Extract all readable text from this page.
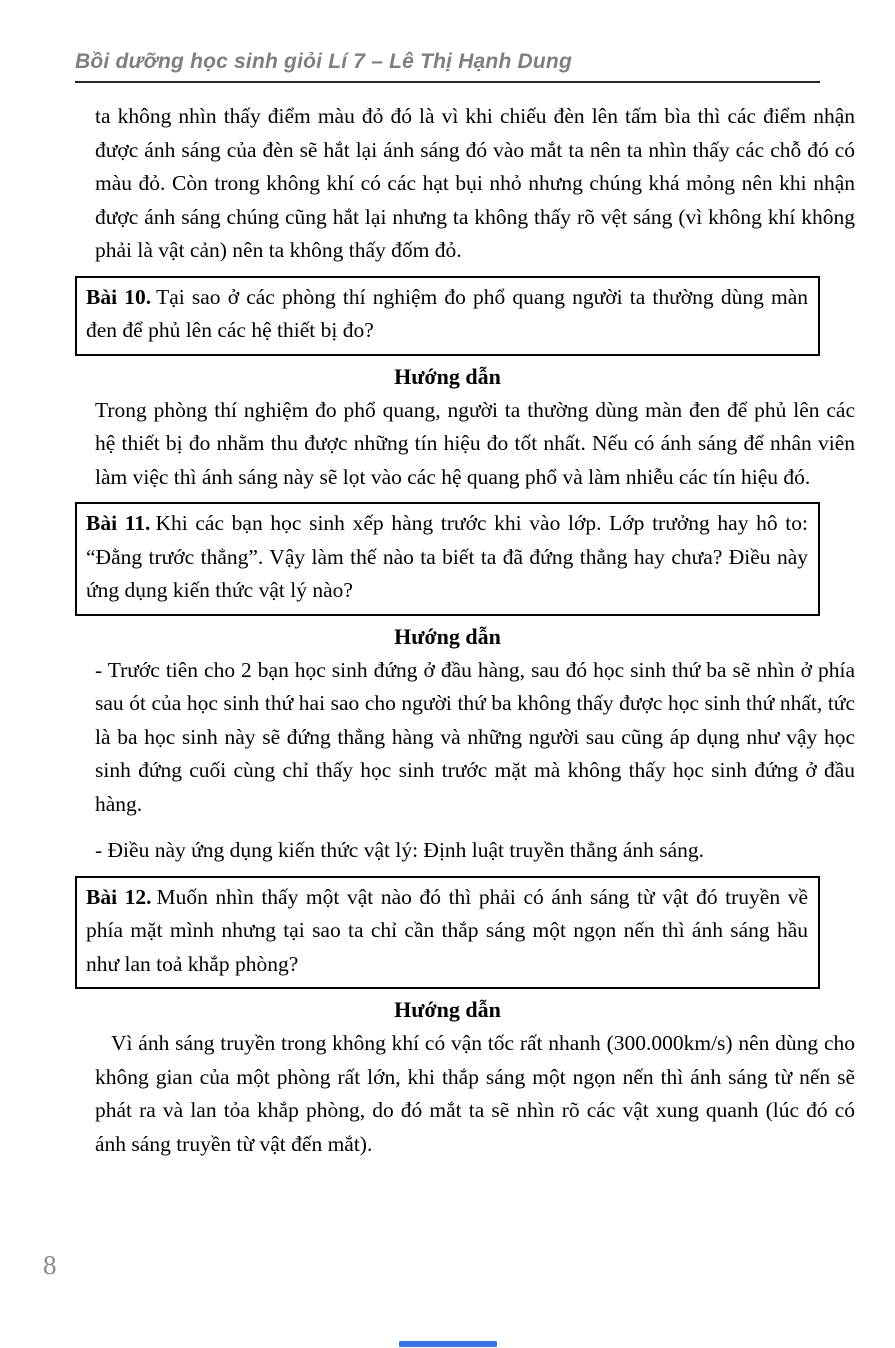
Bồi dưỡng học sinh giỏi Lí 7 – Lê Thị Hạnh Dung

ta không nhìn thấy điểm màu đỏ đó là vì khi chiếu đèn lên tấm bìa thì các điểm nhận được ánh sáng của đèn sẽ hắt lại ánh sáng đó vào mắt ta nên ta nhìn thấy các chỗ đó có màu đỏ. Còn trong không khí có các hạt bụi nhỏ nhưng chúng khá mỏng nên khi nhận được ánh sáng chúng cũng hắt lại nhưng ta không thấy rõ vệt sáng (vì không khí không phải là vật cản) nên ta không thấy đốm đỏ.

Bài 10. Tại sao ở các phòng thí nghiệm đo phổ quang người ta thường dùng màn đen để phủ lên các hệ thiết bị đo?
Hướng dẫn

Trong phòng thí nghiệm đo phổ quang, người ta thường dùng màn đen để phủ lên các hệ thiết bị đo nhằm thu được những tín hiệu đo tốt nhất. Nếu có ánh sáng để nhân viên làm việc thì ánh sáng này sẽ lọt vào các hệ quang phổ và làm nhiễu các tín hiệu đó.

Bài 11. Khi các bạn học sinh xếp hàng trước khi vào lớp. Lớp trưởng hay hô to: “Đằng trước thẳng”. Vậy làm thế nào ta biết ta đã đứng thẳng hay chưa? Điều này ứng dụng kiến thức vật lý nào?
Hướng dẫn

- Trước tiên cho 2 bạn học sinh đứng ở đầu hàng, sau đó học sinh thứ ba sẽ nhìn ở phía sau ót của học sinh thứ hai sao cho người thứ ba không thấy được học sinh thứ nhất, tức là ba học sinh này sẽ đứng thẳng hàng và những người sau cũng áp dụng như vậy học sinh đứng cuối cùng chỉ thấy học sinh trước mặt mà không thấy học sinh đứng ở đầu hàng.

- Điều này ứng dụng kiến thức vật lý: Định luật truyền thẳng ánh sáng.

Bài 12. Muốn nhìn thấy một vật nào đó thì phải có ánh sáng từ vật đó truyền về phía mặt mình nhưng tại sao ta chỉ cần thắp sáng một ngọn nến thì ánh sáng hầu như lan toả khắp phòng?
Hướng dẫn

Vì ánh sáng truyền trong không khí có vận tốc rất nhanh (300.000km/s) nên dùng cho không gian của một phòng rất lớn, khi thắp sáng một ngọn nến thì ánh sáng từ nến sẽ phát ra và lan tỏa khắp phòng, do đó mắt ta sẽ nhìn rõ các vật xung quanh (lúc đó có ánh sáng truyền từ vật đến mắt).

8
